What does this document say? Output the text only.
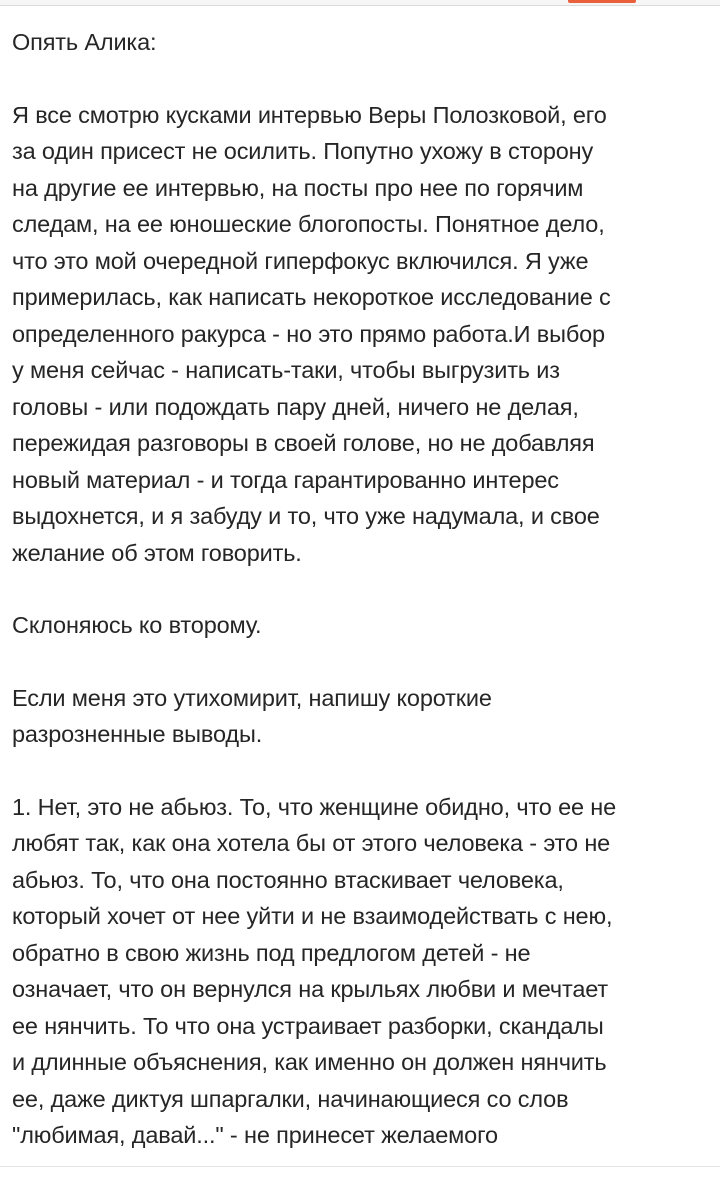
Опять Алика:

Я все смотрю кусками интервью Веры Полозковой, его
за один присест не осилить. Попутно ухожу в сторону
на другие ее интервью, на посты про нее по горячим
следам, на ее юношеские блогопосты. Понятное дело,
что это мой очередной гиперфокус включился. Я уже
примерилась, как написать некороткое исследование с
определенного ракурса - но это прямо работа.И выбор
у меня сейчас - написать-таки, чтобы выгрузить из
головы - или подождать пару дней, ничего не делая,
пережидая разговоры в своей голове, но не добавляя
новый материал - и тогда гарантированно интерес
выдохнется, и я забуду и то, что уже надумала, и свое
желание об этом говорить.

Склоняюсь ко второму.

Если меня это утихомирит, напишу короткие
разрозненные выводы.

1. Нет, это не абьюз. То, что женщине обидно, что ее не
любят так, как она хотела бы от этого человека - это не
абьюз. То, что она постоянно втаскивает человека,
который хочет от нее уйти и не взаимодействать с нею,
обратно в свою жизнь под предлогом детей - не
означает, что он вернулся на крыльях любви и мечтает
ее нянчить. То что она устраивает разборки, скандалы
и длинные объяснения, как именно он должен нянчить
ее, даже диктуя шпаргалки, начинающиеся со слов
"любимая, давай..." - не принесет желаемого
